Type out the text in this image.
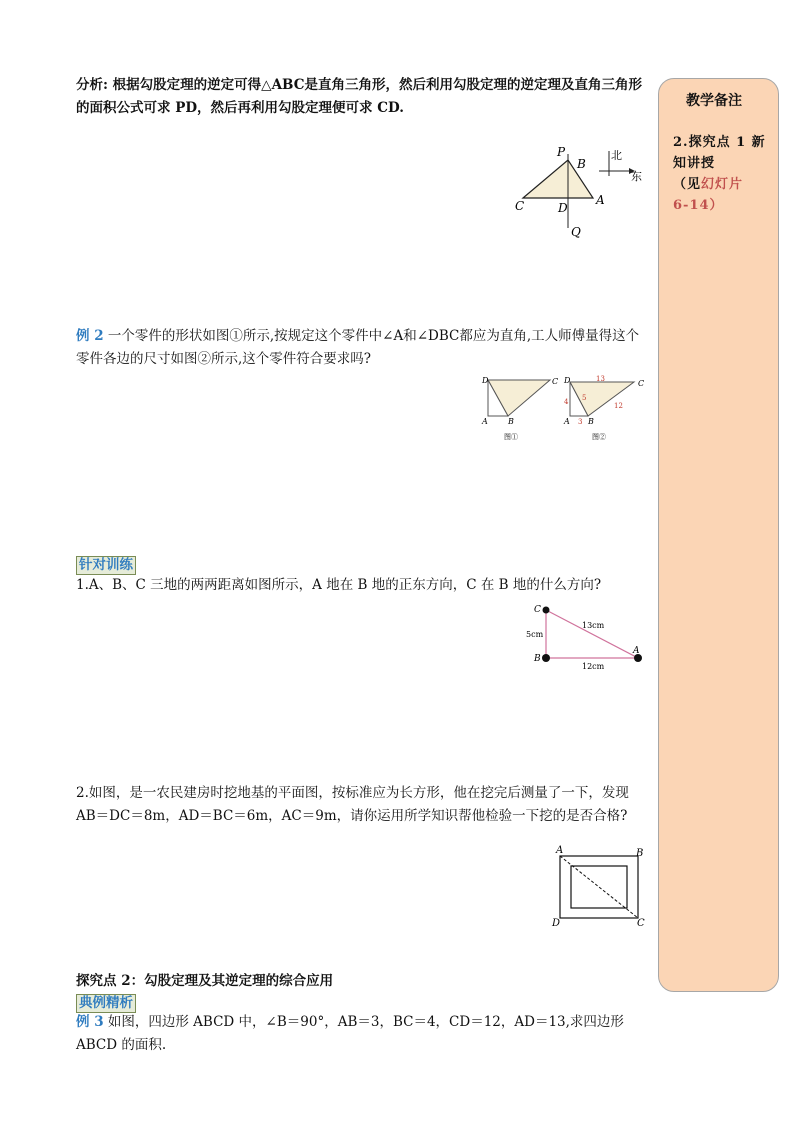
分析: 根据勾股定理的逆定可得△ABC是直角三角形，然后利用勾股定理的逆定理及直角三角形的面积公式可求 PD，然后再利用勾股定理便可求 CD.
P
B
C	D
A
Q
北
东
例 2 一个零件的形状如图①所示,按规定这个零件中∠A和∠DBC都应为直角,工人师傅量得这个零件各边的尺寸如图②所示,这个零件符合要求吗?
D	C
A	B
图①
D	C
A B
13
5
4
3
12
图②
针对训练
1.A、B、C 三地的两两距离如图所示，A 地在 B 地的正东方向，C 在 B 地的什么方向?
C
B
A
5cm
13cm
12cm
2.如图，是一农民建房时挖地基的平面图，按标准应为长方形，他在挖完后测量了一下，发现 AB＝DC＝8m，AD＝BC＝6m，AC＝9m，请你运用所学知识帮他检验一下挖的是否合格?
A	B
D	C
探究点 2：勾股定理及其逆定理的综合应用
典例精析
例 3 如图，四边形 ABCD 中，∠B＝90°，AB＝3，BC＝4，CD＝12，AD＝13,求四边形 ABCD 的面积.
教学备注
2.探究点 1 新知讲授
（见幻灯片
6-14）
